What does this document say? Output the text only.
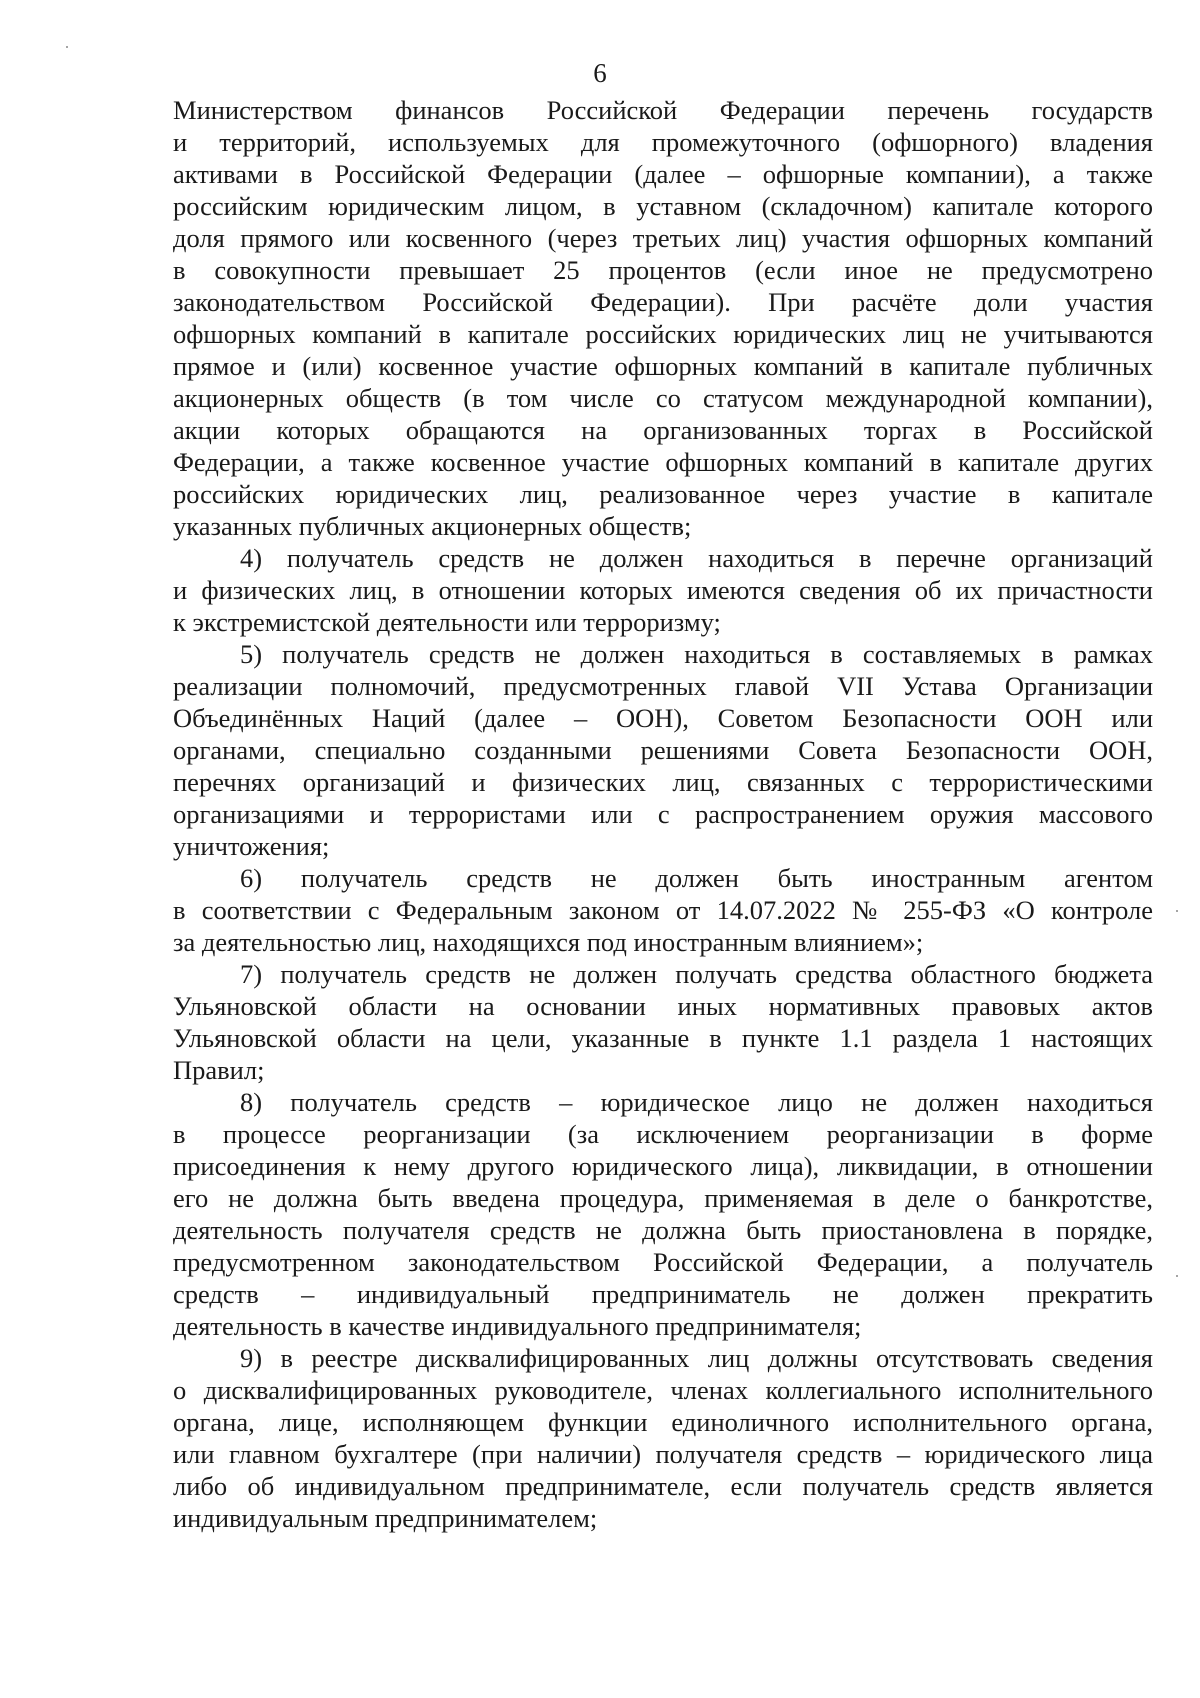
6
Министерством финансов Российской Федерации перечень государств
и территорий, используемых для промежуточного (офшорного) владения
активами в Российской Федерации (далее – офшорные компании), а также
российским юридическим лицом, в уставном (складочном) капитале которого
доля прямого или косвенного (через третьих лиц) участия офшорных компаний
в совокупности превышает 25 процентов (если иное не предусмотрено
законодательством Российской Федерации). При расчёте доли участия
офшорных компаний в капитале российских юридических лиц не учитываются
прямое и (или) косвенное участие офшорных компаний в капитале публичных
акционерных обществ (в том числе со статусом международной компании),
акции которых обращаются на организованных торгах в Российской
Федерации, а также косвенное участие офшорных компаний в капитале других
российских юридических лиц, реализованное через участие в капитале
указанных публичных акционерных обществ;
4) получатель средств не должен находиться в перечне организаций
и физических лиц, в отношении которых имеются сведения об их причастности
к экстремистской деятельности или терроризму;
5) получатель средств не должен находиться в составляемых в рамках
реализации полномочий, предусмотренных главой VII Устава Организации
Объединённых Наций (далее – ООН), Советом Безопасности ООН или
органами, специально созданными решениями Совета Безопасности ООН,
перечнях организаций и физических лиц, связанных с террористическими
организациями и террористами или с распространением оружия массового
уничтожения;
6) получатель средств не должен быть иностранным агентом
в соответствии с Федеральным законом от 14.07.2022 № 255-ФЗ «О контроле
за деятельностью лиц, находящихся под иностранным влиянием»;
7) получатель средств не должен получать средства областного бюджета
Ульяновской области на основании иных нормативных правовых актов
Ульяновской области на цели, указанные в пункте 1.1 раздела 1 настоящих
Правил;
8) получатель средств – юридическое лицо не должен находиться
в процессе реорганизации (за исключением реорганизации в форме
присоединения к нему другого юридического лица), ликвидации, в отношении
его не должна быть введена процедура, применяемая в деле о банкротстве,
деятельность получателя средств не должна быть приостановлена в порядке,
предусмотренном законодательством Российской Федерации, а получатель
средств – индивидуальный предприниматель не должен прекратить
деятельность в качестве индивидуального предпринимателя;
9) в реестре дисквалифицированных лиц должны отсутствовать сведения
о дисквалифицированных руководителе, членах коллегиального исполнительного
органа, лице, исполняющем функции единоличного исполнительного органа,
или главном бухгалтере (при наличии) получателя средств – юридического лица
либо об индивидуальном предпринимателе, если получатель средств является
индивидуальным предпринимателем;
